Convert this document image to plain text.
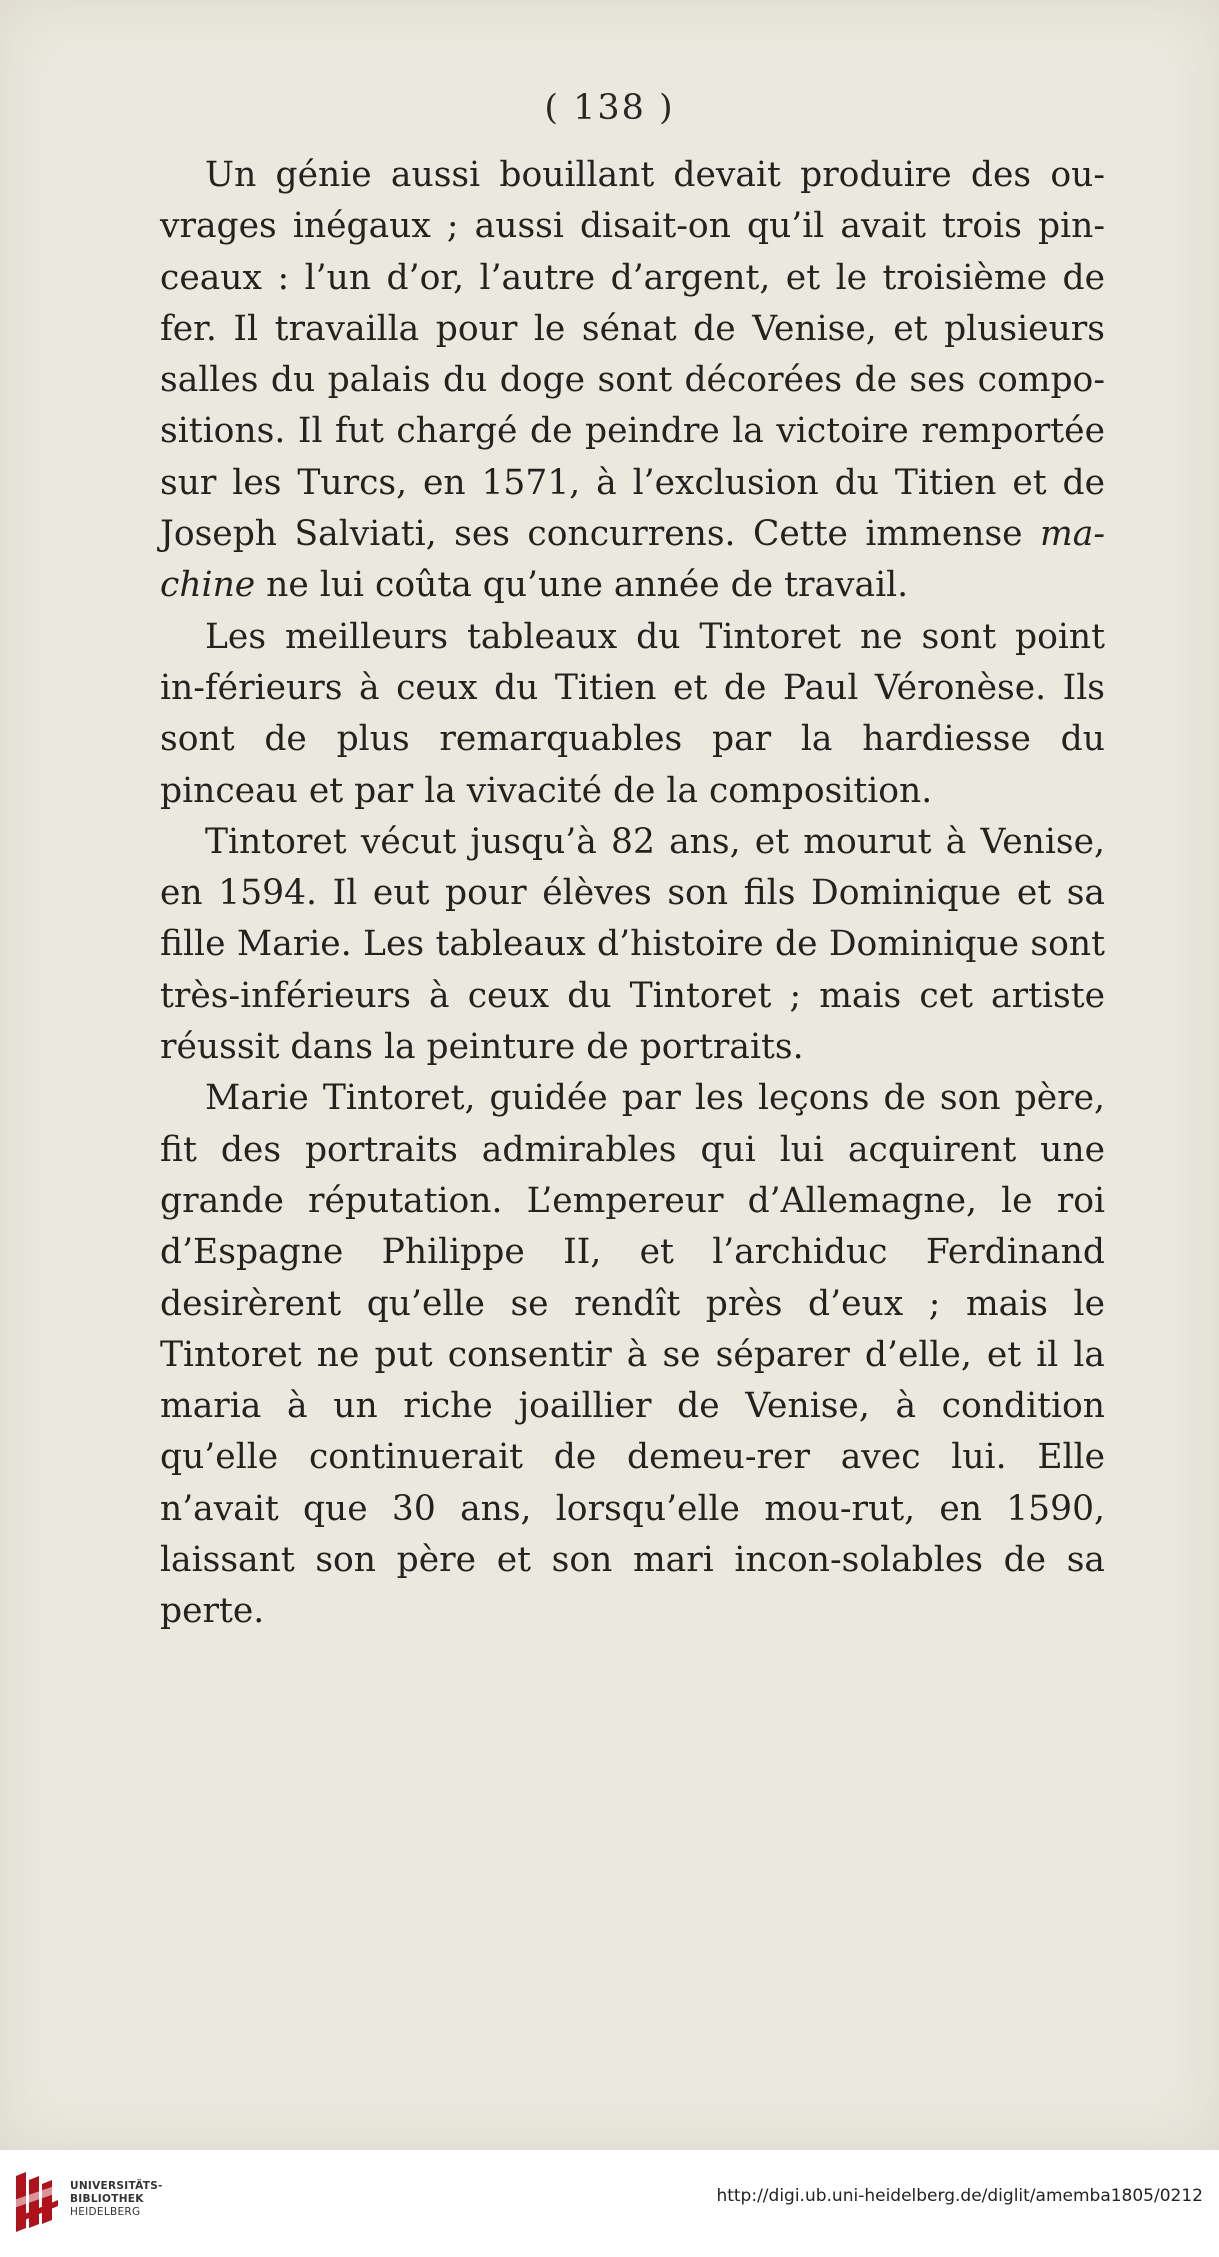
( 138 )

Un génie aussi bouillant devait produire des ou-vrages inégaux ; aussi disait-on qu’il avait trois pin-ceaux : l’un d’or, l’autre d’argent, et le troisième de fer. Il travailla pour le sénat de Venise, et plusieurs salles du palais du doge sont décorées de ses compo-sitions. Il fut chargé de peindre la victoire remportée sur les Turcs, en 1571, à l’exclusion du Titien et de Joseph Salviati, ses concurrens. Cette immense ma-chine ne lui coûta qu’une année de travail.

Les meilleurs tableaux du Tintoret ne sont point in-férieurs à ceux du Titien et de Paul Véronèse. Ils sont de plus remarquables par la hardiesse du pinceau et par la vivacité de la composition.

Tintoret vécut jusqu’à 82 ans, et mourut à Venise, en 1594. Il eut pour élèves son fils Dominique et sa fille Marie. Les tableaux d’histoire de Dominique sont très-inférieurs à ceux du Tintoret ; mais cet artiste réussit dans la peinture de portraits.

Marie Tintoret, guidée par les leçons de son père, fit des portraits admirables qui lui acquirent une grande réputation. L’empereur d’Allemagne, le roi d’Espagne Philippe II, et l’archiduc Ferdinand desirèrent qu’elle se rendît près d’eux ; mais le Tintoret ne put consentir à se séparer d’elle, et il la maria à un riche joaillier de Venise, à condition qu’elle continuerait de demeu-rer avec lui. Elle n’avait que 30 ans, lorsqu’elle mou-rut, en 1590, laissant son père et son mari incon-solables de sa perte.

UNIVERSITÄTS-
BIBLIOTHEK
HEIDELBERG
http://digi.ub.uni-heidelberg.de/diglit/amemba1805/0212
